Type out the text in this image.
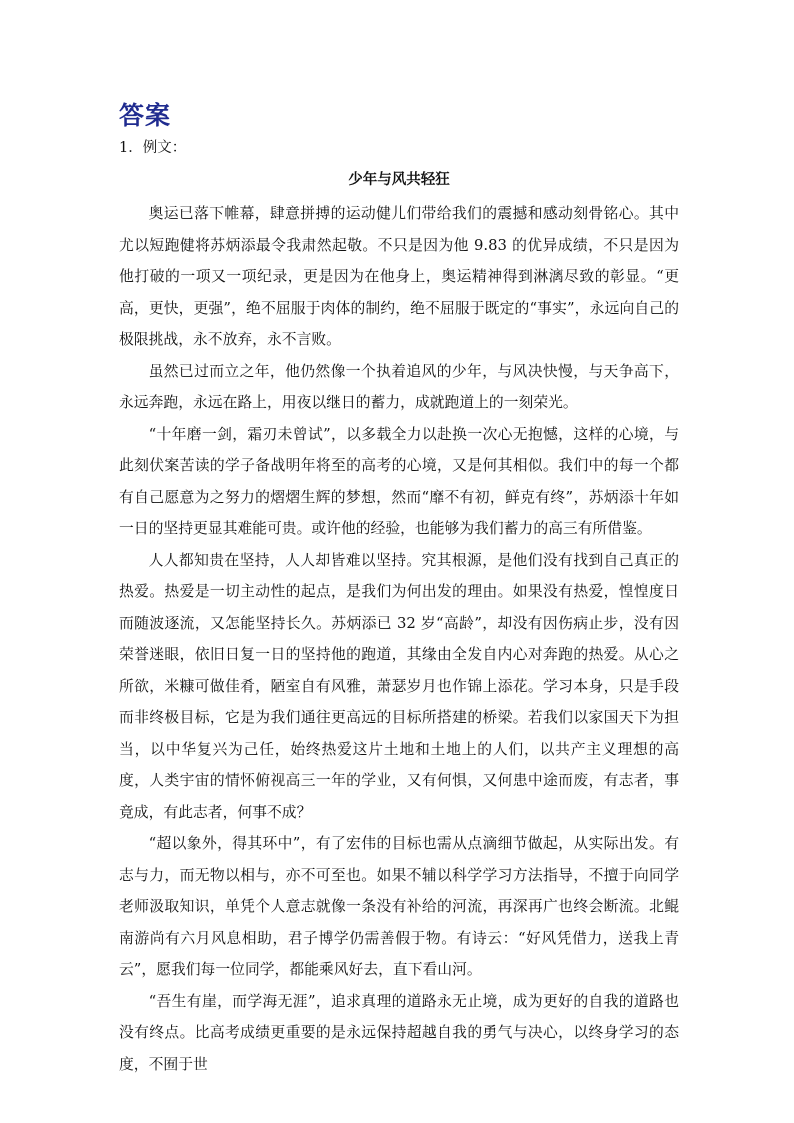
答案

1．例文：

少年与风共轻狂

奥运已落下帷幕，肆意拼搏的运动健儿们带给我们的震撼和感动刻骨铭心。其中尤以短跑健将苏炳添最令我肃然起敬。不只是因为他 9.83 的优异成绩，不只是因为他打破的一项又一项纪录，更是因为在他身上，奥运精神得到淋漓尽致的彰显。“更高，更快，更强”，绝不屈服于肉体的制约，绝不屈服于既定的“事实”，永远向自己的极限挑战，永不放弃，永不言败。

虽然已过而立之年，他仍然像一个执着追风的少年，与风决快慢，与天争高下，永远奔跑，永远在路上，用夜以继日的蓄力，成就跑道上的一刻荣光。

“十年磨一剑，霜刃未曾试”，以多载全力以赴换一次心无抱憾，这样的心境，与此刻伏案苦读的学子备战明年将至的高考的心境，又是何其相似。我们中的每一个都有自己愿意为之努力的熠熠生辉的梦想，然而“靡不有初，鲜克有终”，苏炳添十年如一日的坚持更显其难能可贵。或许他的经验，也能够为我们蓄力的高三有所借鉴。

人人都知贵在坚持，人人却皆难以坚持。究其根源，是他们没有找到自己真正的热爱。热爱是一切主动性的起点，是我们为何出发的理由。如果没有热爱，惶惶度日而随波逐流，又怎能坚持长久。苏炳添已 32 岁“高龄”，却没有因伤病止步，没有因荣誉迷眼，依旧日复一日的坚持他的跑道，其缘由全发自内心对奔跑的热爱。从心之所欲，米糠可做佳肴，陋室自有风雅，萧瑟岁月也作锦上添花。学习本身，只是手段而非终极目标，它是为我们通往更高远的目标所搭建的桥梁。若我们以家国天下为担当，以中华复兴为己任，始终热爱这片土地和土地上的人们，以共产主义理想的高度，人类宇宙的情怀俯视高三一年的学业，又有何惧，又何患中途而废，有志者，事竟成，有此志者，何事不成？

“超以象外，得其环中”，有了宏伟的目标也需从点滴细节做起，从实际出发。有志与力，而无物以相与，亦不可至也。如果不辅以科学学习方法指导，不擅于向同学老师汲取知识，单凭个人意志就像一条没有补给的河流，再深再广也终会断流。北鲲南游尚有六月风息相助，君子博学仍需善假于物。有诗云：“好风凭借力，送我上青云”，愿我们每一位同学，都能乘风好去，直下看山河。

“吾生有崖，而学海无涯”，追求真理的道路永无止境，成为更好的自我的道路也没有终点。比高考成绩更重要的是永远保持超越自我的勇气与决心，以终身学习的态度，不囿于世
